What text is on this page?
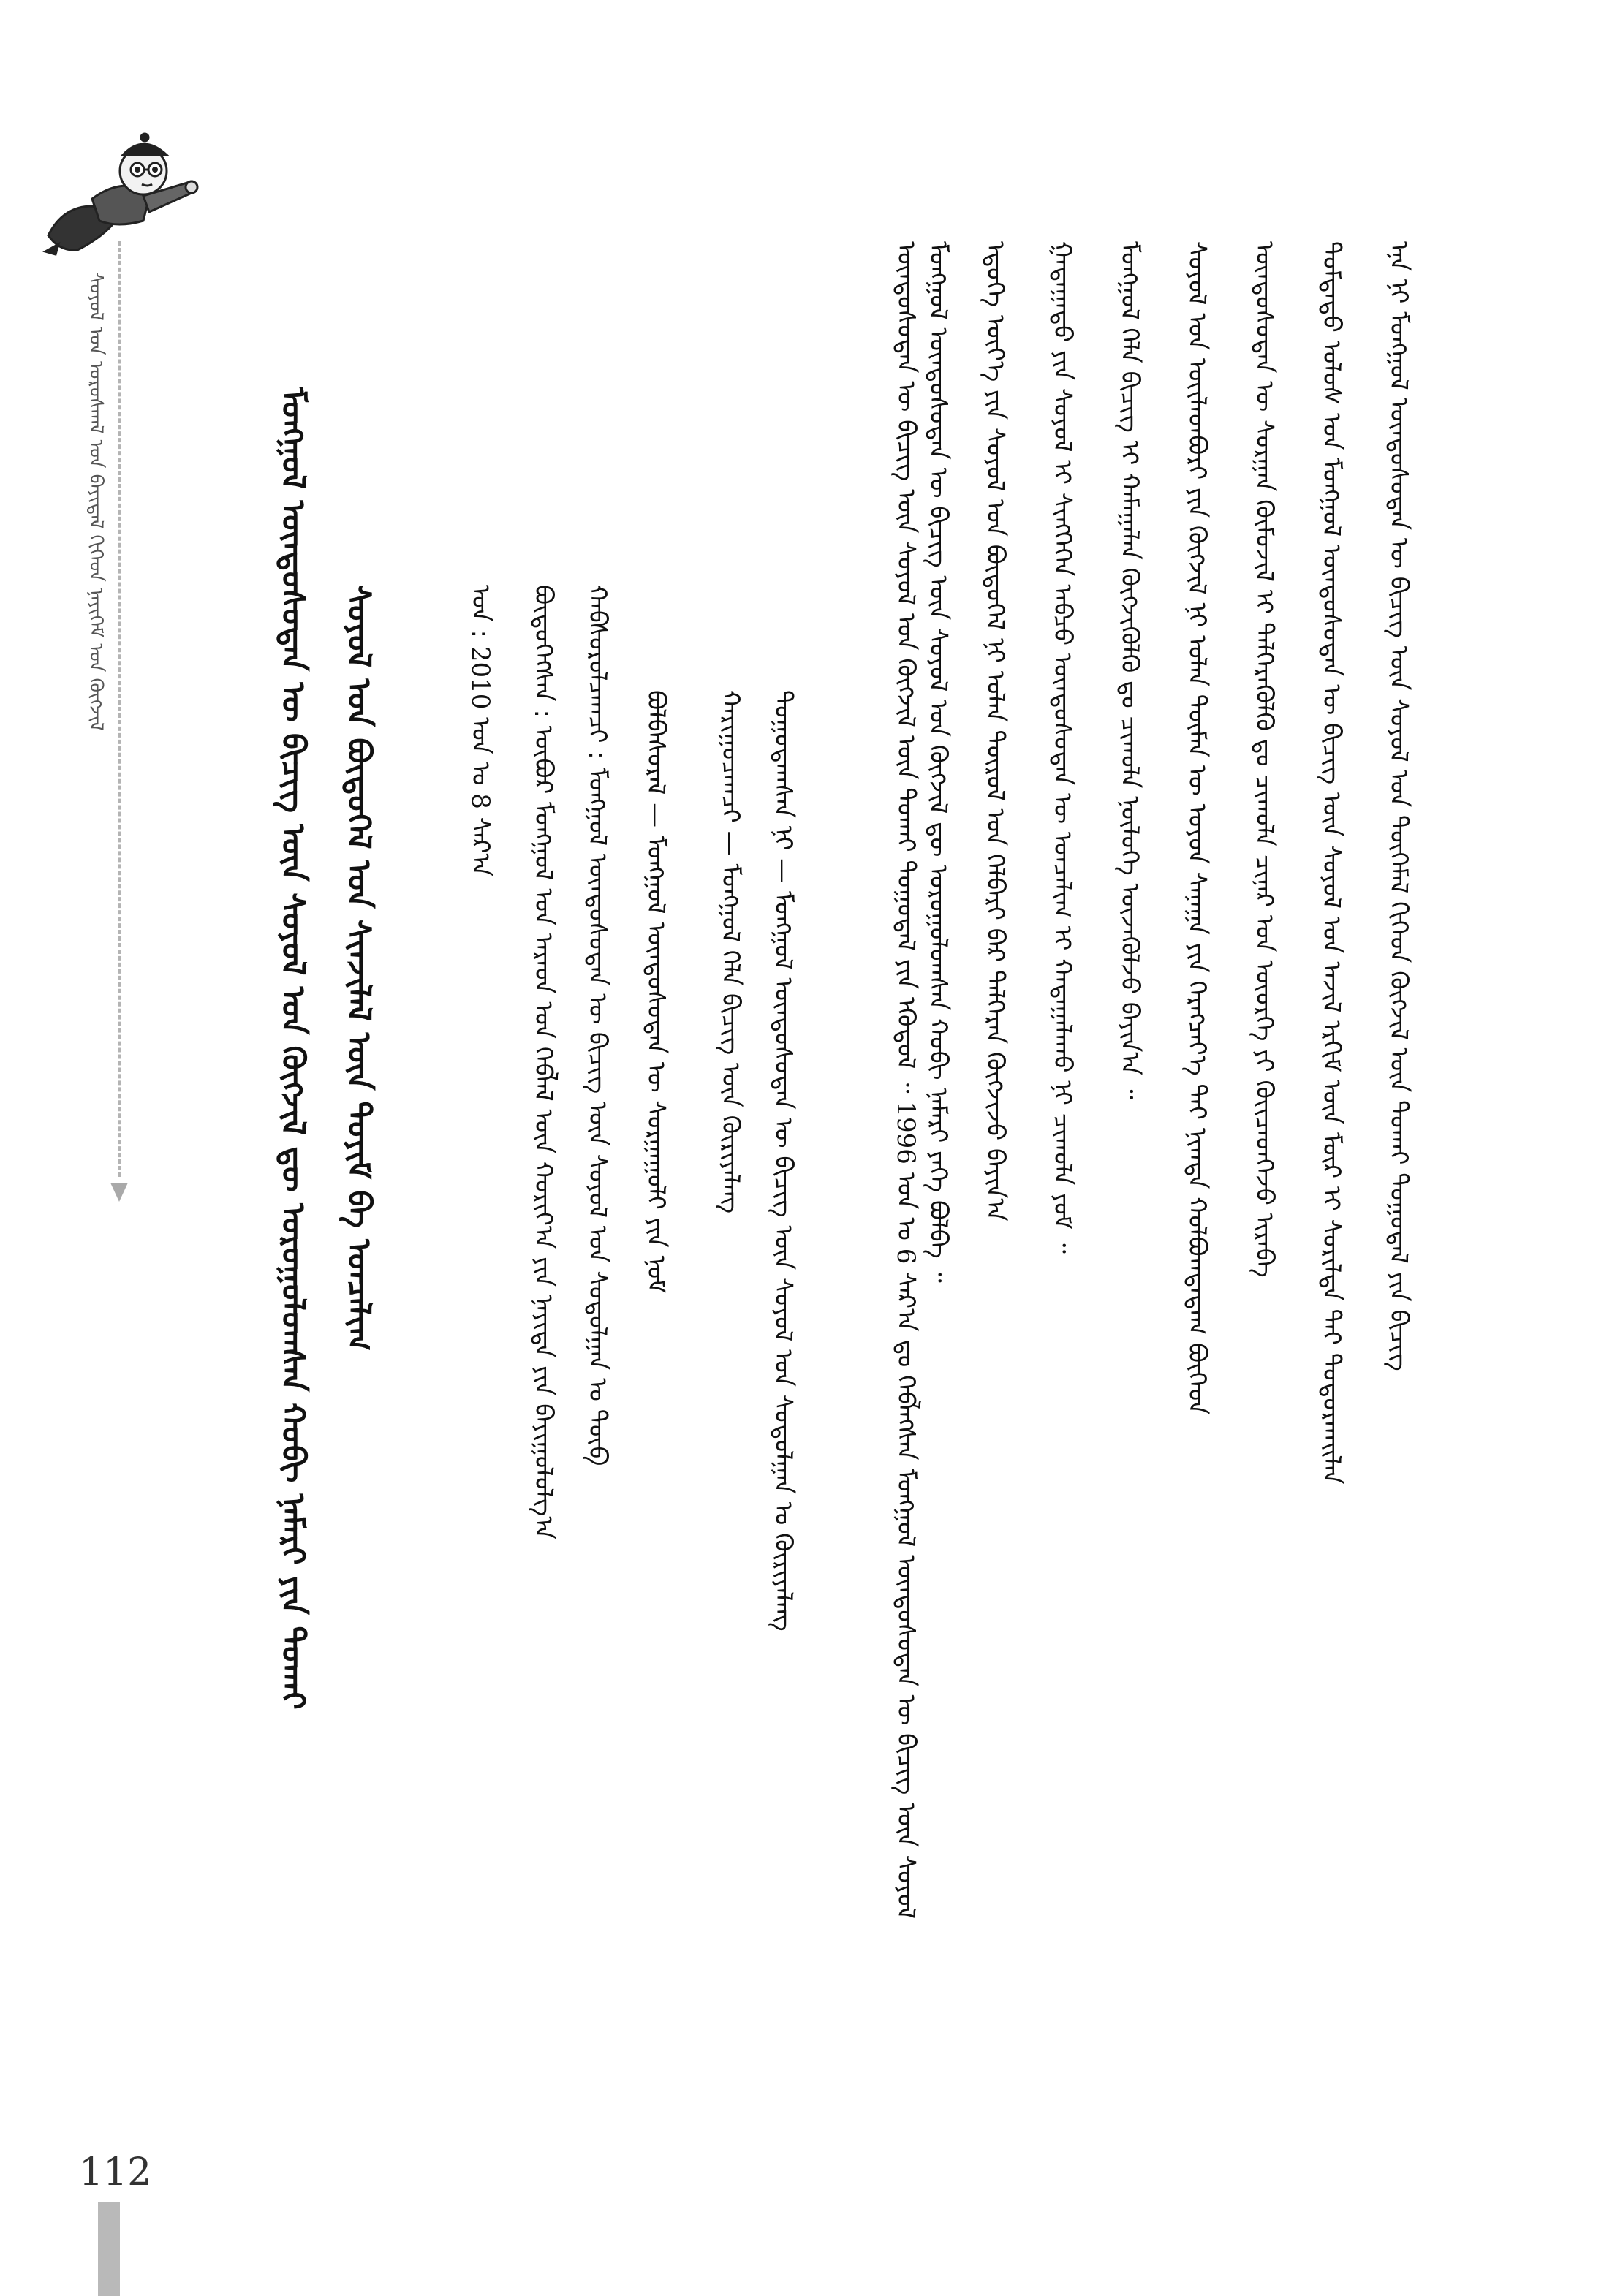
ᠰᠣᠶᠣᠯ ᠤᠨ ᠤᠷᠤᠰᠬᠠᠯ ᠤᠨ ᠪᠠᠶᠢᠳᠠᠯ ᠬᠢᠬᠡᠳ ᠨᠡᠶᠢᠭᠡᠮ ᠤᠨ ᠬᠥᠭᠵᠢᠯ	ᠮᠣᠩᠭᠣᠯ ᠦᠨᠳᠦᠰᠦᠲᠡᠨ ᠦ ᠪᠢᠴᠢᠭ ᠦᠨ ᠰᠣᠶᠣᠯ ᠤᠨ ᠬᠥᠭᠵᠢᠯ ᠳᠦ ᠣᠷᠤᠭᠤᠯᠤᠭᠰᠠᠨ ᠬᠤᠪᠢ ᠨᠡᠮᠡᠷᠢ ᠶᠢᠨ ᠲᠤᠬᠠᠢ ᠰᠣᠶᠣᠯ ᠤᠨ ᠪᠦᠲᠦᠭᠡᠯ ᠤᠨ ᠰᠢᠨᠵᠢᠯᠡᠯ ᠦᠨ ᠲᠣᠶᠢᠮ ᠪᠠ ᠣᠨᠴᠠᠯᠢᠭ	ᠲᠣᠭᠣᠳᠠᠭᠰᠠᠨ ᠨᠢ — ᠮᠣᠩᠭᠣᠯ ᠦᠨᠳᠦᠰᠦᠲᠡᠨ ᠦ ᠪᠢᠴᠢᠭ ᠦᠨ ᠰᠣᠶᠣᠯ ᠤᠨ ᠰᠤᠳᠤᠯᠭᠠᠨ ᠤ ᠬᠦᠷᠢᠶᠡᠯᠡᠩ
ᠬᠠᠷᠢᠭᠤᠴᠠᠭᠴᠢ — ᠮᠣᠩᠭᠣᠯ ᠬᠡᠯᠡ ᠪᠢᠴᠢᠭ ᠦᠨ ᠬᠦᠷᠢᠶᠡᠯᠡᠩ
ᠪᠣᠯᠪᠠᠰᠤᠷᠠᠯ — ᠮᠣᠩᠭᠣᠯ ᠦᠨᠳᠦᠰᠦᠲᠡᠨ ᠦ ᠰᠤᠷᠭᠠᠭᠤᠯᠢ ᠶᠢᠨ ᠨᠣᠮ
ᠬᠠᠪᠰᠤᠷᠤᠯᠴᠠᠭᠴᠢ : ᠮᠣᠩᠭᠣᠯ ᠦᠨᠳᠦᠰᠦᠲᠡᠨ ᠦ ᠪᠢᠴᠢᠭ ᠦᠨ ᠰᠣᠶᠣᠯ ᠤᠨ ᠰᠤᠳᠤᠯᠭᠠᠨ ᠤ ᠲᠥᠪ
ᠪᠦᠲᠦᠭᠡᠭᠰᠡᠨ : ᠥᠪᠦᠷ ᠮᠣᠩᠭᠣᠯ ᠤᠨ ᠠᠷᠠᠳ ᠤᠨ ᠬᠡᠪᠯᠡᠯ ᠦᠨ ᠬᠣᠷᠢᠶ᠎ᠠ ᠶᠢᠨ ᠨᠡᠶᠢᠲᠡ ᠶᠢᠨ ᠪᠠᠶᠢᠭᠤᠯᠤᠯᠭ᠎ᠠ
ᠣᠨ : 2010 ᠣᠨ ᠤ 8 ᠰᠠᠷ᠎ᠠ	ᠡᠨᠡ ᠨᠢ ᠮᠣᠩᠭᠣᠯ ᠦᠨᠳᠦᠰᠦᠲᠡᠨ ᠦ ᠪᠢᠴᠢᠭ ᠦᠨ ᠰᠣᠶᠣᠯ ᠤᠨ ᠲᠦᠭᠡᠮᠡᠯ ᠬᠢᠭᠡᠳ ᠬᠥᠭᠵᠢᠯ ᠦᠨ ᠲᠤᠬᠠᠢ ᠲᠣᠭᠣᠳᠠᠯ ᠶᠢᠨ ᠪᠢᠴᠢᠭ
ᠳᠤᠮᠳᠠᠳᠤ ᠤᠯᠤᠰ ᠤᠨ ᠮᠣᠩᠭᠣᠯ ᠦᠨᠳᠦᠰᠦᠲᠡᠨ ᠦ ᠪᠢᠴᠢᠭ ᠦᠨ ᠰᠣᠶᠣᠯ ᠤᠨ ᠠᠵᠢᠯ ᠡᠷᠭᠢᠮ ᠦᠨ ᠮᠥᠷ ᠢ ᠰᠣᠷᠢᠯᠲᠠ ᠲᠠᠢ ᠲᠣᠳᠤᠷᠬᠠᠢᠯᠠᠨ
ᠦᠨᠳᠦᠰᠦᠲᠡᠨ ᠦ ᠰᠤᠷᠭᠠᠨ ᠬᠦᠮᠦᠵᠢᠯ ᠢ ᠳᠡᠯᠭᠡᠷᠡᠭᠦᠯᠬᠦ ᠳᠤ ᠴᠢᠬᠤᠯᠠ ᠴᠢᠨᠠᠷ ᠤᠨ ᠦᠦᠷᠭᠡ ᠶᠢ ᠭᠦᠢᠴᠡᠳᠬᠡᠵᠦ ᠢᠷᠡᠪᠡ
ᠰᠣᠶᠣᠯ ᠤᠨ ᠦᠢᠯᠡᠳᠪᠦᠷᠢ ᠶᠢᠨ ᠬᠥᠭᠵᠢᠯ ᠨᠢ ᠣᠯᠠᠨ ᠲᠦᠮᠡᠨ ᠦ ᠣᠶᠤᠨ ᠰᠠᠨᠠᠭᠠ ᠶᠢᠨ ᠬᠡᠷᠡᠭᠴᠡᠶ᠎ᠡ ᠲᠡᠢ ᠨᠢᠭᠲᠠ ᠬᠣᠯᠪᠣᠭᠳᠠᠳᠠᠭ ᠪᠥᠭᠡᠳ
ᠮᠣᠩᠭᠣᠯ ᠬᠡᠯᠡ ᠪᠢᠴᠢᠭ ᠢ ᠬᠠᠮᠠᠭᠠᠯᠠᠨ ᠬᠥᠭᠵᠢᠭᠦᠯᠬᠦ ᠳᠤ ᠴᠢᠬᠤᠯᠠ ᠨᠥᠯᠥᠭᠡ ᠦᠵᠡᠭᠦᠯᠵᠦ ᠪᠠᠶᠢᠨ᠎ᠠ ᠃
ᠭᠠᠳᠠᠭᠠᠳᠤ ᠶᠢᠨ ᠰᠣᠶᠣᠯ ᠢ ᠰᠢᠩᠭᠡᠭᠡᠨ ᠠᠪᠴᠤ ᠦᠨᠳᠦᠰᠦᠲᠡᠨ ᠦ ᠣᠨᠴᠠᠯᠢᠭ ᠢ ᠬᠠᠳᠠᠭᠠᠯᠠᠬᠤ ᠨᠢ ᠴᠢᠬᠤᠯᠠ ᠶᠤᠮ ᠃
ᠡᠳᠦᠭᠡ ᠦᠶ᠎ᠡ ᠶᠢᠨ ᠰᠣᠶᠣᠯ ᠤᠨ ᠪᠦᠲᠦᠭᠡᠯ ᠨᠢ ᠣᠯᠠᠨ ᠲᠥᠷᠥᠯ ᠤᠨ ᠬᠡᠯᠪᠡᠷᠢ ᠪᠡᠷ ᠳᠡᠯᠭᠡᠷᠡᠨ ᠬᠥᠭᠵᠢᠵᠦ ᠪᠠᠶᠢᠨ᠎ᠠ
ᠮᠣᠩᠭᠣᠯ ᠦᠨᠳᠦᠰᠦᠲᠡᠨ ᠦ ᠪᠢᠴᠢᠭ ᠦᠨ ᠰᠣᠶᠣᠯ ᠤᠨ ᠬᠥᠭᠵᠢᠯ ᠳᠦ ᠣᠷᠤᠭᠤᠯᠤᠭᠰᠠᠨ ᠬᠤᠪᠢ ᠨᠡᠮᠡᠷᠢ ᠶᠡᠬᠡ ᠪᠣᠯᠪᠠ ᠃
ᠦᠨᠳᠦᠰᠦᠲᠡᠨ ᠦ ᠪᠢᠴᠢᠭ ᠦᠨ ᠰᠣᠶᠣᠯ ᠤᠨ ᠬᠥᠭᠵᠢᠯ ᠦᠨ ᠲᠤᠬᠠᠢ ᠲᠣᠭᠣᠳᠠᠯ ᠶᠢᠨ ᠡᠭᠦᠳᠦᠯ ᠃ 1996 ᠣᠨ ᠤ 6 ᠰᠠᠷ᠎ᠠ ᠳᠤ ᠬᠡᠪᠯᠡᠭᠰᠡᠨ ᠮᠣᠩᠭᠣᠯ ᠦᠨᠳᠦᠰᠦᠲᠡᠨ ᠦ ᠪᠢᠴᠢᠭ ᠦᠨ ᠰᠣᠶᠣᠯ
112
